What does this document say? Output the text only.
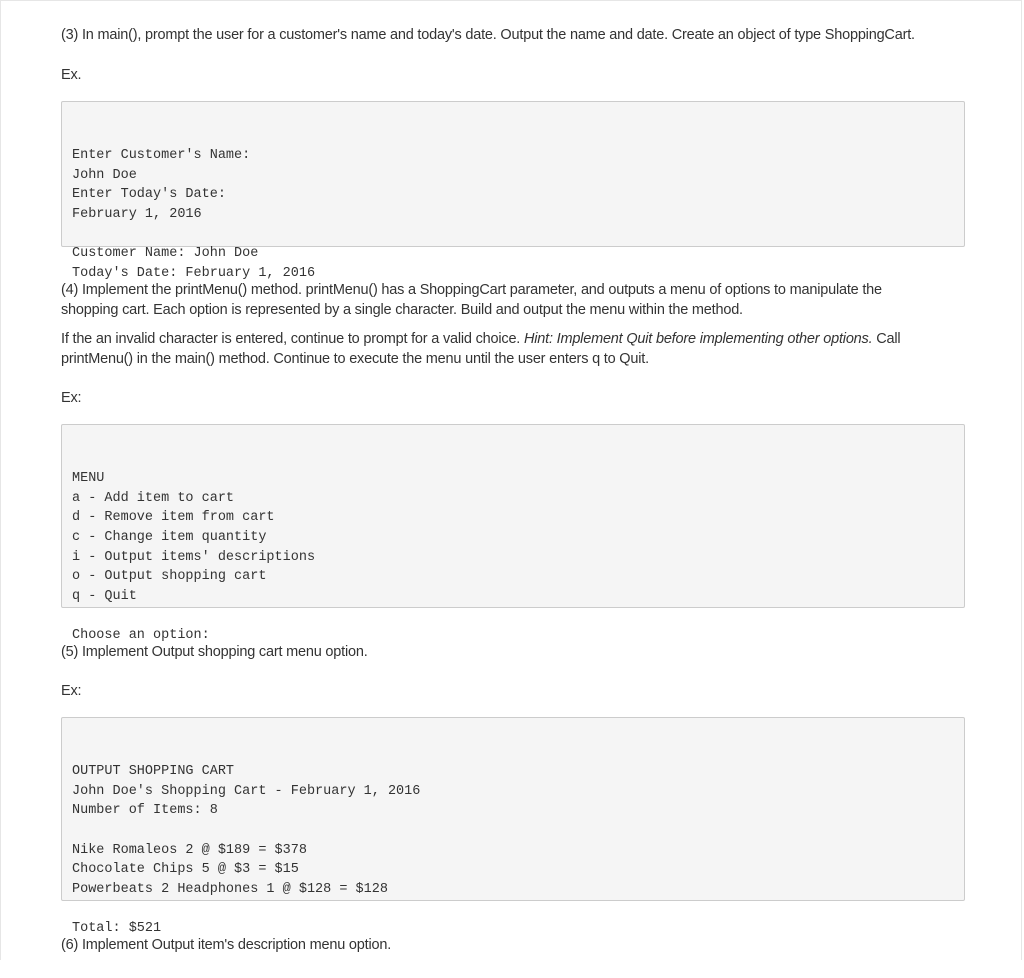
(3) In main(), prompt the user for a customer's name and today's date. Output the name and date. Create an object of type ShoppingCart.

Ex.

Enter Customer's Name:
John Doe
Enter Today's Date:
February 1, 2016
Customer Name: John Doe
Today's Date: February 1, 2016

(4) Implement the printMenu() method. printMenu() has a ShoppingCart parameter, and outputs a menu of options to manipulate the

shopping cart. Each option is represented by a single character. Build and output the menu within the method.

If the an invalid character is entered, continue to prompt for a valid choice. Hint: Implement Quit before implementing other options. Call

printMenu() in the main() method. Continue to execute the menu until the user enters q to Quit.

Ex:

MENU
a - Add item to cart
d - Remove item from cart
c - Change item quantity
i - Output items' descriptions
o - Output shopping cart
q - Quit
Choose an option:

(5) Implement Output shopping cart menu option.

Ex:

OUTPUT SHOPPING CART
John Doe's Shopping Cart - February 1, 2016
Number of Items: 8
Nike Romaleos 2 @ $189 = $378
Chocolate Chips 5 @ $3 = $15
Powerbeats 2 Headphones 1 @ $128 = $128
Total: $521

(6) Implement Output item's description menu option.
